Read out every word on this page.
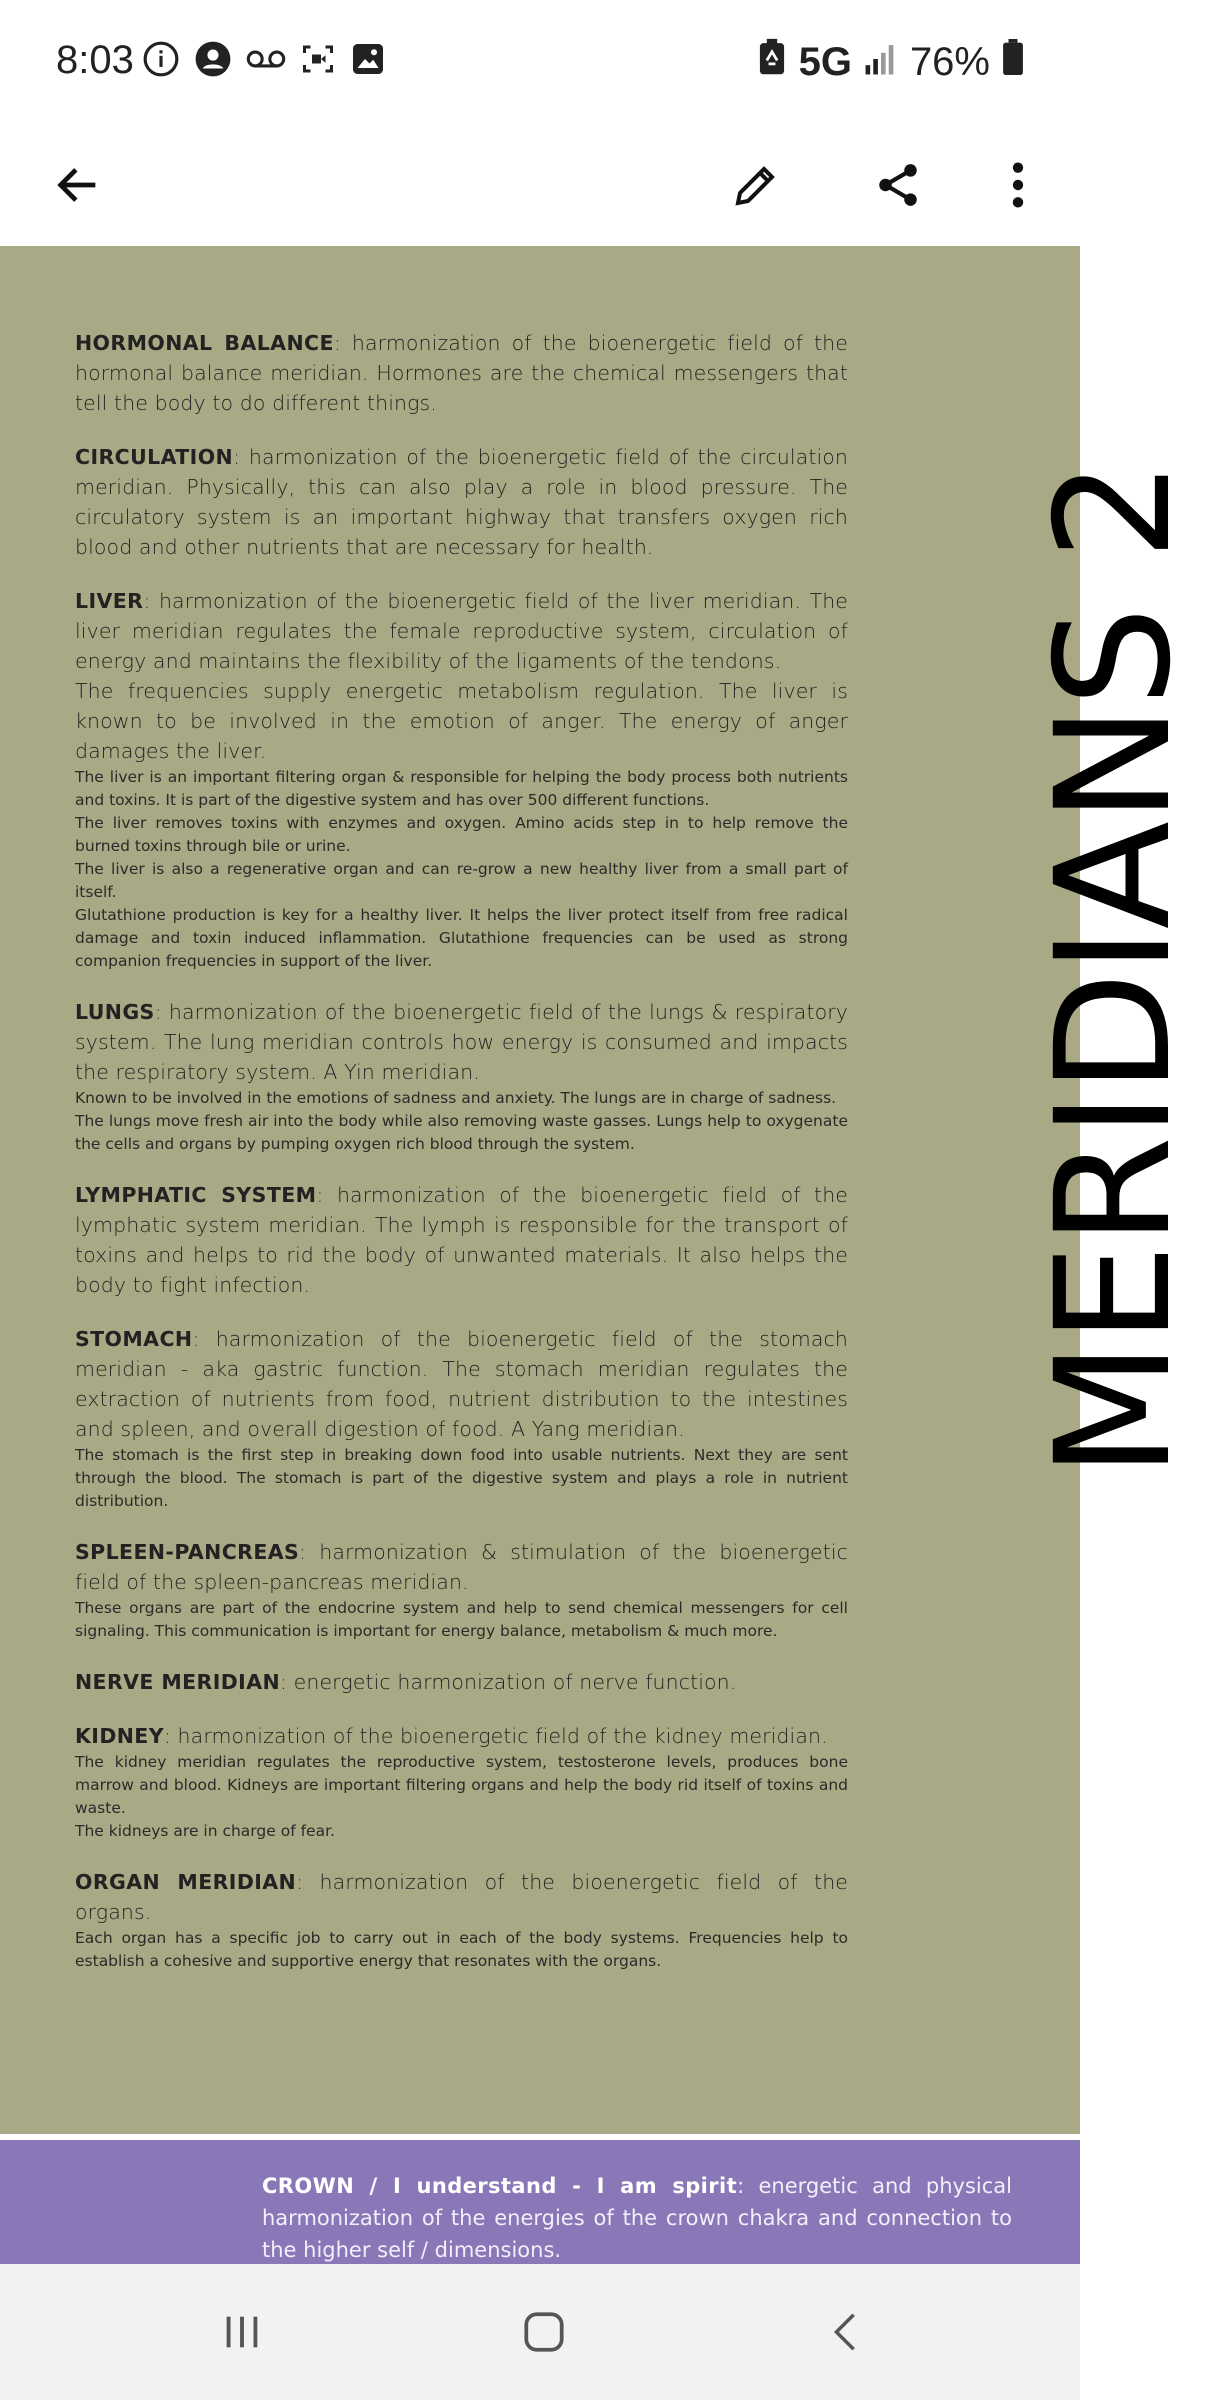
8:03	5G 76%

HORMONAL BALANCE: harmonization of the bioenergetic field of the hormonal balance meridian. Hormones are the chemical messengers that tell the body to do different things.

CIRCULATION: harmonization of the bioenergetic field of the circulation meridian. Physically, this can also play a role in blood pressure. The circulatory system is an important highway that transfers oxygen rich blood and other nutrients that are necessary for health.

LIVER: harmonization of the bioenergetic field of the liver meridian. The liver meridian regulates the female reproductive system, circulation of energy and maintains the flexibility of the ligaments of the tendons.

The frequencies supply energetic metabolism regulation. The liver is known to be involved in the emotion of anger. The energy of anger damages the liver.

The liver is an important filtering organ & responsible for helping the body process both nutrients and toxins. It is part of the digestive system and has over 500 different functions.

The liver removes toxins with enzymes and oxygen. Amino acids step in to help remove the burned toxins through bile or urine.

The liver is also a regenerative organ and can re-grow a new healthy liver from a small part of itself.

Glutathione production is key for a healthy liver. It helps the liver protect itself from free radical damage and toxin induced inflammation. Glutathione frequencies can be used as strong companion frequencies in support of the liver.

LUNGS: harmonization of the bioenergetic field of the lungs & respiratory system. The lung meridian controls how energy is consumed and impacts the respiratory system. A Yin meridian.

Known to be involved in the emotions of sadness and anxiety. The lungs are in charge of sadness.

The lungs move fresh air into the body while also removing waste gasses. Lungs help to oxygenate the cells and organs by pumping oxygen rich blood through the system.

LYMPHATIC SYSTEM: harmonization of the bioenergetic field of the lymphatic system meridian. The lymph is responsible for the transport of toxins and helps to rid the body of unwanted materials. It also helps the body to fight infection.

STOMACH: harmonization of the bioenergetic field of the stomach meridian - aka gastric function. The stomach meridian regulates the extraction of nutrients from food, nutrient distribution to the intestines and spleen, and overall digestion of food. A Yang meridian.

The stomach is the first step in breaking down food into usable nutrients. Next they are sent through the blood. The stomach is part of the digestive system and plays a role in nutrient distribution.

SPLEEN-PANCREAS: harmonization & stimulation of the bioenergetic field of the spleen-pancreas meridian.

These organs are part of the endocrine system and help to send chemical messengers for cell signaling. This communication is important for energy balance, metabolism & much more.

NERVE MERIDIAN: energetic harmonization of nerve function.

KIDNEY: harmonization of the bioenergetic field of the kidney meridian.

The kidney meridian regulates the reproductive system, testosterone levels, produces bone marrow and blood. Kidneys are important filtering organs and help the body rid itself of toxins and waste.

The kidneys are in charge of fear.

ORGAN MERIDIAN: harmonization of the bioenergetic field of the organs.

Each organ has a specific job to carry out in each of the body systems. Frequencies help to establish a cohesive and supportive energy that resonates with the organs.

MERIDIANS 2
CROWN / I understand - I am spirit: energetic and physical harmonization of the energies of the crown chakra and connection to the higher self / dimensions.
